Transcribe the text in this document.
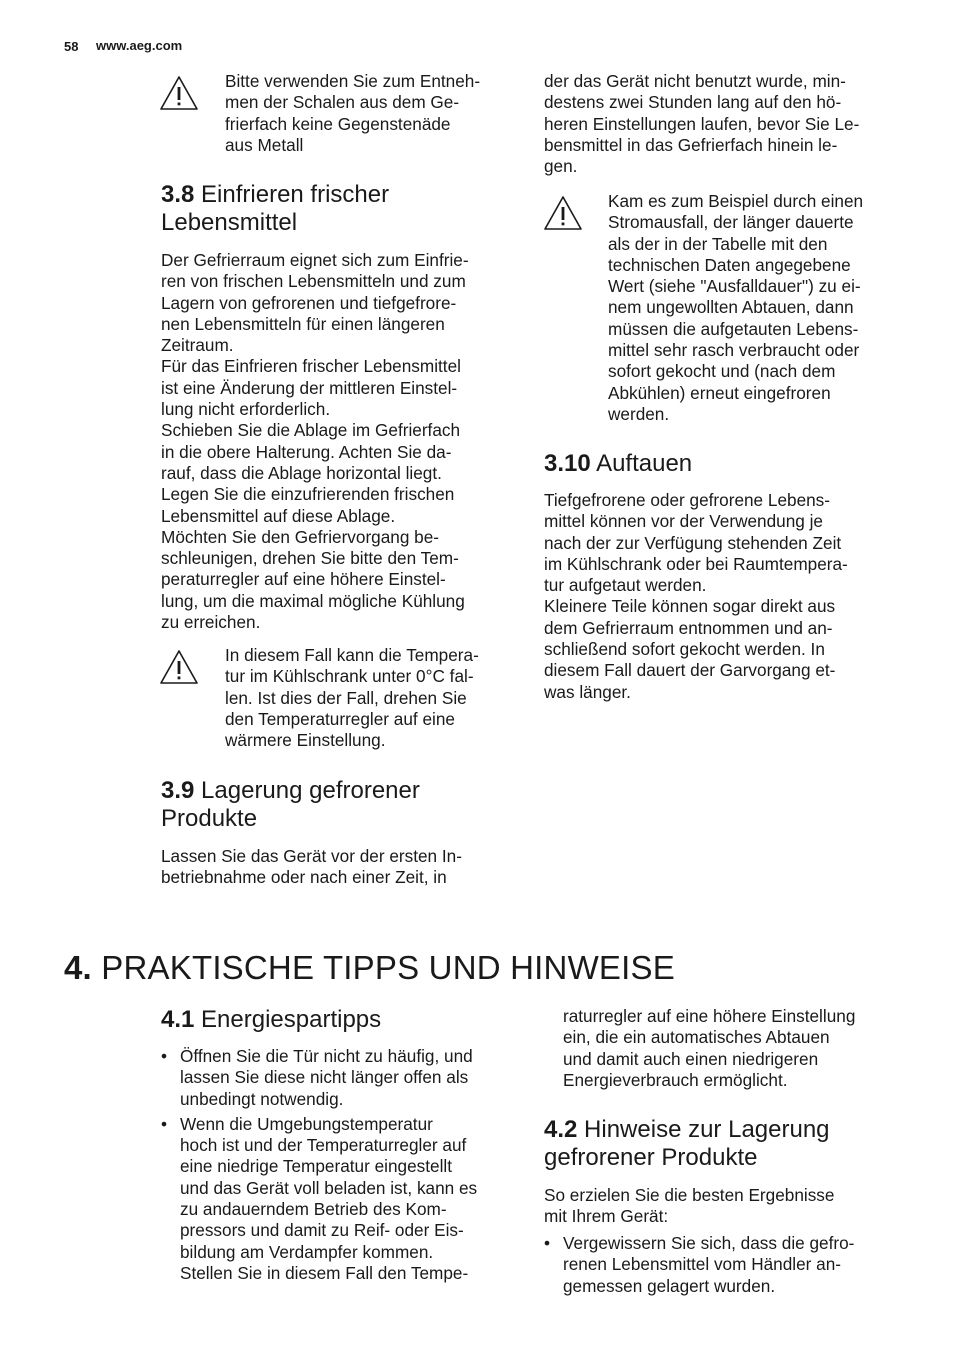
58 www.aeg.com

Bitte verwenden Sie zum Entneh-

men der Schalen aus dem Ge-

frierfach keine Gegenstenäde

aus Metall

3.8 Einfrieren frischer
Lebensmittel

Der Gefrierraum eignet sich zum Einfrie-

ren von frischen Lebensmitteln und zum

Lagern von gefrorenen und tiefgefrore-

nen Lebensmitteln für einen längeren

Zeitraum.

Für das Einfrieren frischer Lebensmittel

ist eine Änderung der mittleren Einstel-

lung nicht erforderlich.

Schieben Sie die Ablage im Gefrierfach

in die obere Halterung. Achten Sie da-

rauf, dass die Ablage horizontal liegt.

Legen Sie die einzufrierenden frischen

Lebensmittel auf diese Ablage.

Möchten Sie den Gefriervorgang be-

schleunigen, drehen Sie bitte den Tem-

peraturregler auf eine höhere Einstel-

lung, um die maximal mögliche Kühlung

zu erreichen.

In diesem Fall kann die Tempera-

tur im Kühlschrank unter 0°C fal-

len. Ist dies der Fall, drehen Sie

den Temperaturregler auf eine

wärmere Einstellung.

3.9 Lagerung gefrorener
Produkte

Lassen Sie das Gerät vor der ersten In-

betriebnahme oder nach einer Zeit, in

der das Gerät nicht benutzt wurde, min-

destens zwei Stunden lang auf den hö-

heren Einstellungen laufen, bevor Sie Le-

bensmittel in das Gefrierfach hinein le-

gen.

Kam es zum Beispiel durch einen

Stromausfall, der länger dauerte

als der in der Tabelle mit den

technischen Daten angegebene

Wert (siehe "Ausfalldauer") zu ei-

nem ungewollten Abtauen, dann

müssen die aufgetauten Lebens-

mittel sehr rasch verbraucht oder

sofort gekocht und (nach dem

Abkühlen) erneut eingefroren

werden.

3.10 Auftauen

Tiefgefrorene oder gefrorene Lebens-

mittel können vor der Verwendung je

nach der zur Verfügung stehenden Zeit

im Kühlschrank oder bei Raumtempera-

tur aufgetaut werden.

Kleinere Teile können sogar direkt aus

dem Gefrierraum entnommen und an-

schließend sofort gekocht werden. In

diesem Fall dauert der Garvorgang et-

was länger.

4. PRAKTISCHE TIPPS UND HINWEISE
4.1 Energiespartipps
• Öffnen Sie die Tür nicht zu häufig, und

lassen Sie diese nicht länger offen als

unbedingt notwendig.

• Wenn die Umgebungstemperatur

hoch ist und der Temperaturregler auf

eine niedrige Temperatur eingestellt

und das Gerät voll beladen ist, kann es

zu andauerndem Betrieb des Kom-

pressors und damit zu Reif- oder Eis-

bildung am Verdampfer kommen.

Stellen Sie in diesem Fall den Tempe-

raturregler auf eine höhere Einstellung

ein, die ein automatisches Abtauen

und damit auch einen niedrigeren

Energieverbrauch ermöglicht.

4.2 Hinweise zur Lagerung
gefrorener Produkte

So erzielen Sie die besten Ergebnisse

mit Ihrem Gerät:

• Vergewissern Sie sich, dass die gefro-

renen Lebensmittel vom Händler an-

gemessen gelagert wurden.
